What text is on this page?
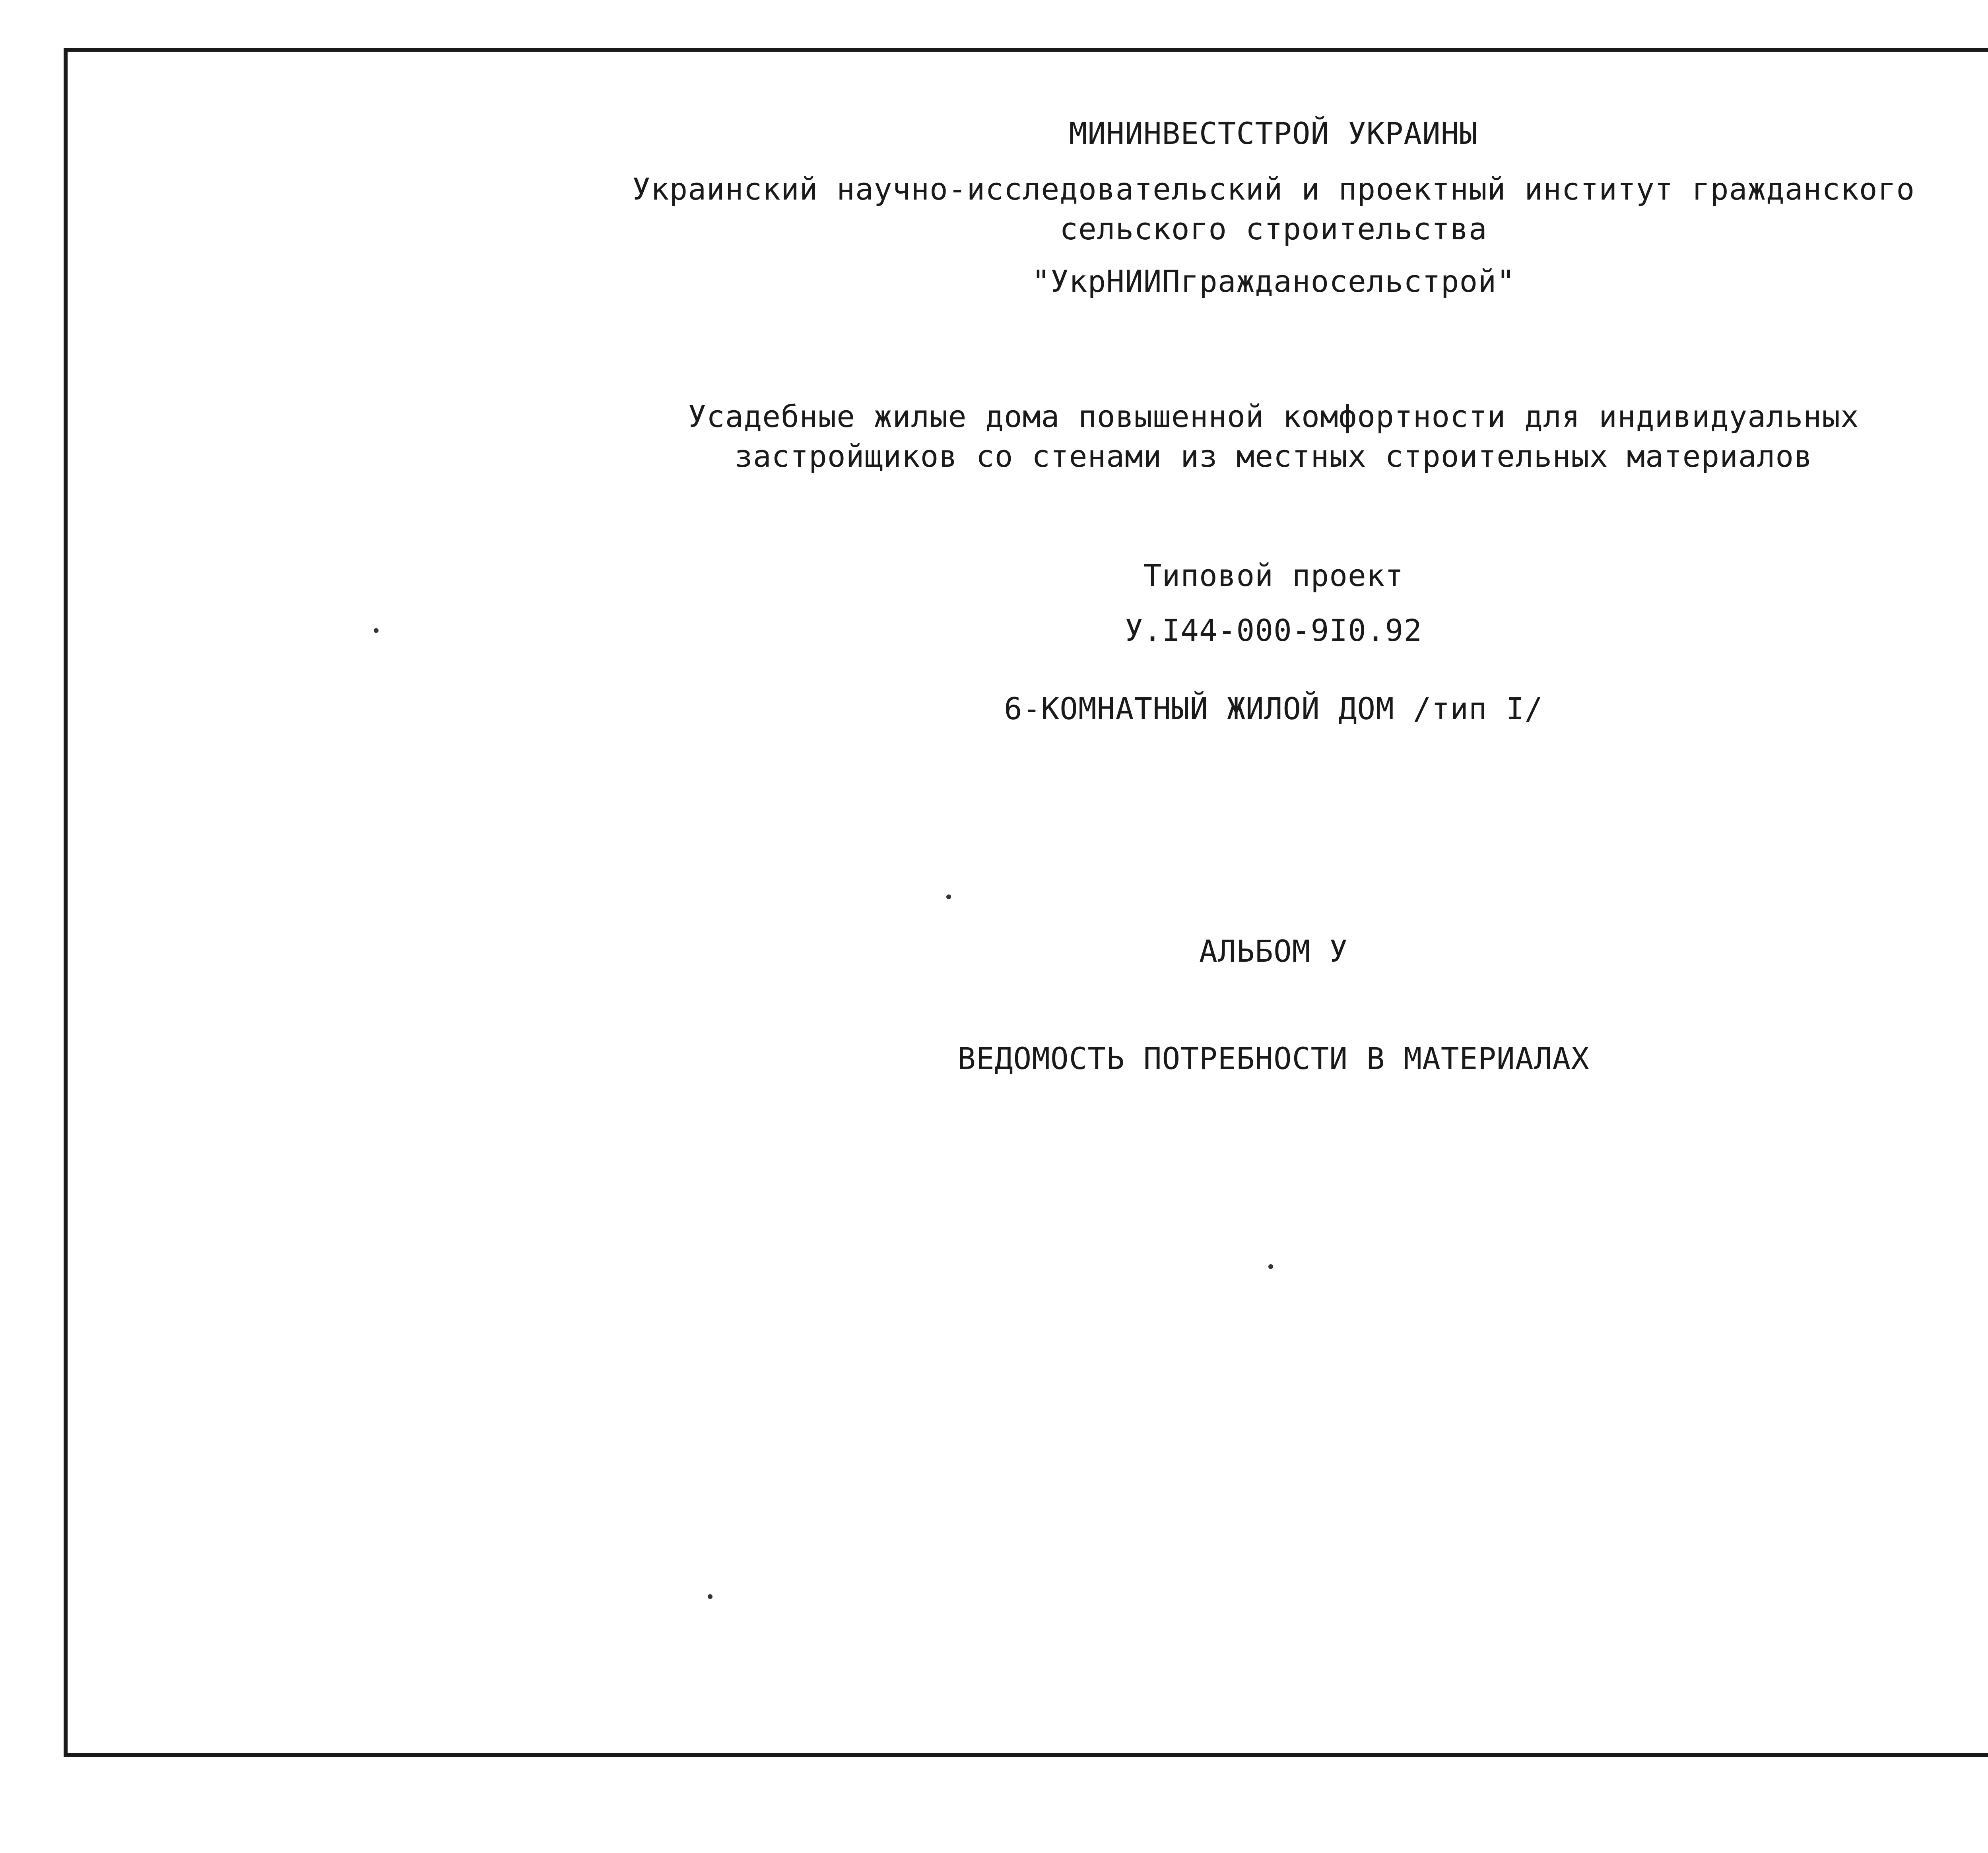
МИНИНВЕСТСТРОЙ УКРАИНЫ
Украинский научно-исследовательский и проектный институт гражданского
сельского строительства
"УкрНИИПгражданосельстрой"
Усадебные жилые дома повышенной комфортности для индивидуальных
застройщиков со стенами из местных строительных материалов
Типовой проект
У.I44-000-9I0.92
6-КОМНАТНЫЙ ЖИЛОЙ ДОМ /тип I/
АЛЬБОМ У
ВЕДОМОСТЬ ПОТРЕБНОСТИ В МАТЕРИАЛАХ
